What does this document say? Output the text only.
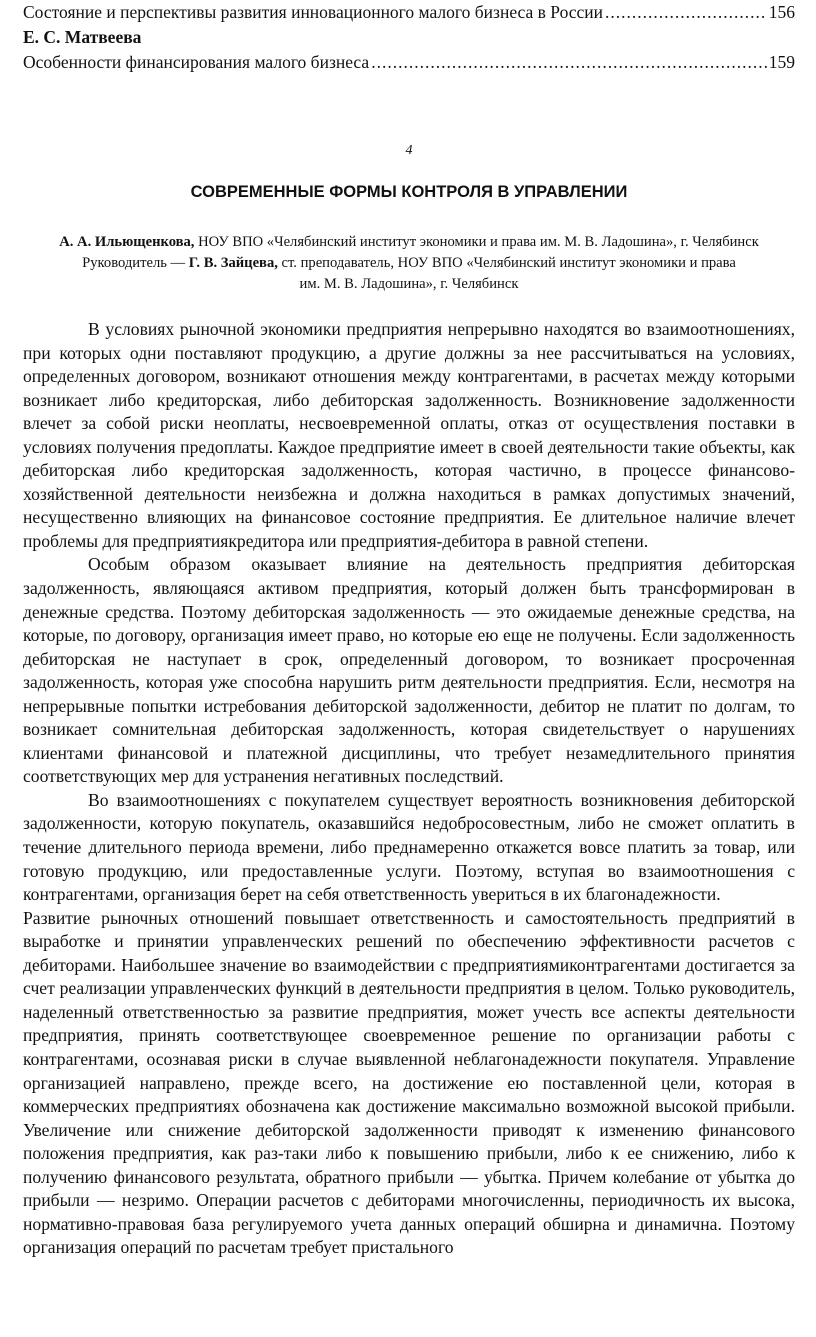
Состояние и перспективы развития инновационного малого бизнеса в России .....	156
Е. С. Матвеева
Особенности финансирования малого бизнеса .....	159
4
СОВРЕМЕННЫЕ ФОРМЫ КОНТРОЛЯ В УПРАВЛЕНИИ
А. А. Ильющенкова, НОУ ВПО «Челябинский институт экономики и права им. М. В. Ладошина», г. Челябинск
Руководитель — Г. В. Зайцева, ст. преподаватель, НОУ ВПО «Челябинский институт экономики и права
им. М. В. Ладошина», г. Челябинск

В условиях рыночной экономики предприятия непрерывно находятся во взаимоотношениях, при которых одни поставляют продукцию, а другие должны за нее рассчитываться на условиях, определенных договором, возникают отношения между контрагентами, в расчетах между которыми возникает либо кредиторская, либо дебиторская задолженность. Возникновение задолженности влечет за собой риски неоплаты, несвоевременной оплаты, отказ от осуществления поставки в условиях получения предоплаты. Каждое предприятие имеет в своей деятельности такие объекты, как дебиторская либо кредиторская задолженность, которая частично, в процессе финансово-хозяйственной деятельности неизбежна и должна находиться в рамках допустимых значений, несущественно влияющих на финансовое состояние предприятия. Ее длительное наличие влечет проблемы для предприятиякредитора или предприятия-дебитора в равной степени.

Особым образом оказывает влияние на деятельность предприятия дебиторская задолженность, являющаяся активом предприятия, который должен быть трансформирован в денежные средства. Поэтому дебиторская задолженность — это ожидаемые денежные средства, на которые, по договору, организация имеет право, но которые ею еще не получены. Если задолженность дебиторская не наступает в срок, определенный договором, то возникает просроченная задолженность, которая уже способна нарушить ритм деятельности предприятия. Если, несмотря на непрерывные попытки истребования дебиторской задолженности, дебитор не платит по долгам, то возникает сомнительная дебиторская задолженность, которая свидетельствует о нарушениях клиентами финансовой и платежной дисциплины, что требует незамедлительного принятия соответствующих мер для устранения негативных последствий.

Во взаимоотношениях с покупателем существует вероятность возникновения дебиторской задолженности, которую покупатель, оказавшийся недобросовестным, либо не сможет оплатить в течение длительного периода времени, либо преднамеренно откажется вовсе платить за товар, или готовую продукцию, или предоставленные услуги. Поэтому, вступая во взаимоотношения с контрагентами, организация берет на себя ответственность увериться в их благонадежности.

Развитие рыночных отношений повышает ответственность и самостоятельность предприятий в выработке и принятии управленческих решений по обеспечению эффективности расчетов с дебиторами. Наибольшее значение во взаимодействии с предприятиямиконтрагентами достигается за счет реализации управленческих функций в деятельности предприятия в целом. Только руководитель, наделенный ответственностью за развитие предприятия, может учесть все аспекты деятельности предприятия, принять соответствующее своевременное решение по организации работы с контрагентами, осознавая риски в случае выявленной неблагонадежности покупателя. Управление организацией направлено, прежде всего, на достижение ею поставленной цели, которая в коммерческих предприятиях обозначена как достижение максимально возможной высокой прибыли. Увеличение или снижение дебиторской задолженности приводят к изменению финансового положения предприятия, как раз-таки либо к повышению прибыли, либо к ее снижению, либо к получению финансового результата, обратного прибыли — убытка. Причем колебание от убытка до прибыли — незримо. Операции расчетов с дебиторами многочисленны, периодичность их высока, нормативно-правовая база регулируемого учета данных операций обширна и динамична. Поэтому организация операций по расчетам требует пристального
